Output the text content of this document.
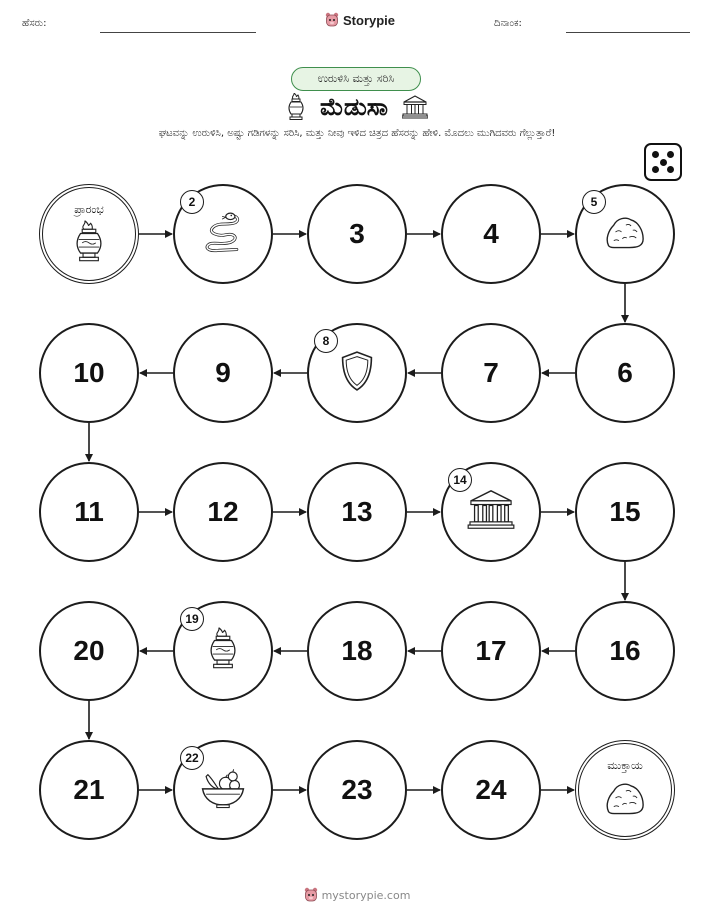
ಹೆಸರು:	Storypie	ದಿನಾಂಕ:
ಉರುಳಿಸಿ ಮತ್ತು ಸರಿಸಿ
ಮೆಡುಸಾ
ಘಟವನ್ನು ಉರುಳಿಸಿ, ಅಷ್ಟು ಗಡಿಗಳನ್ನು ಸರಿಸಿ, ಮತ್ತು ನೀವು ಇಳಿದ ಚಿತ್ರದ ಹೆಸರನ್ನು ಹೇಳಿ. ಮೊದಲು ಮುಗಿದವರು ಗೆಲ್ಲುತ್ತಾರೆ!
ಪ್ರಾರಂಭ
2
3	4
5
6
7
8
9
10
11	12	13
14
15
16
17
18
19
20
21
22
23	24
ಮುಕ್ತಾಯ
mystorypie.com
